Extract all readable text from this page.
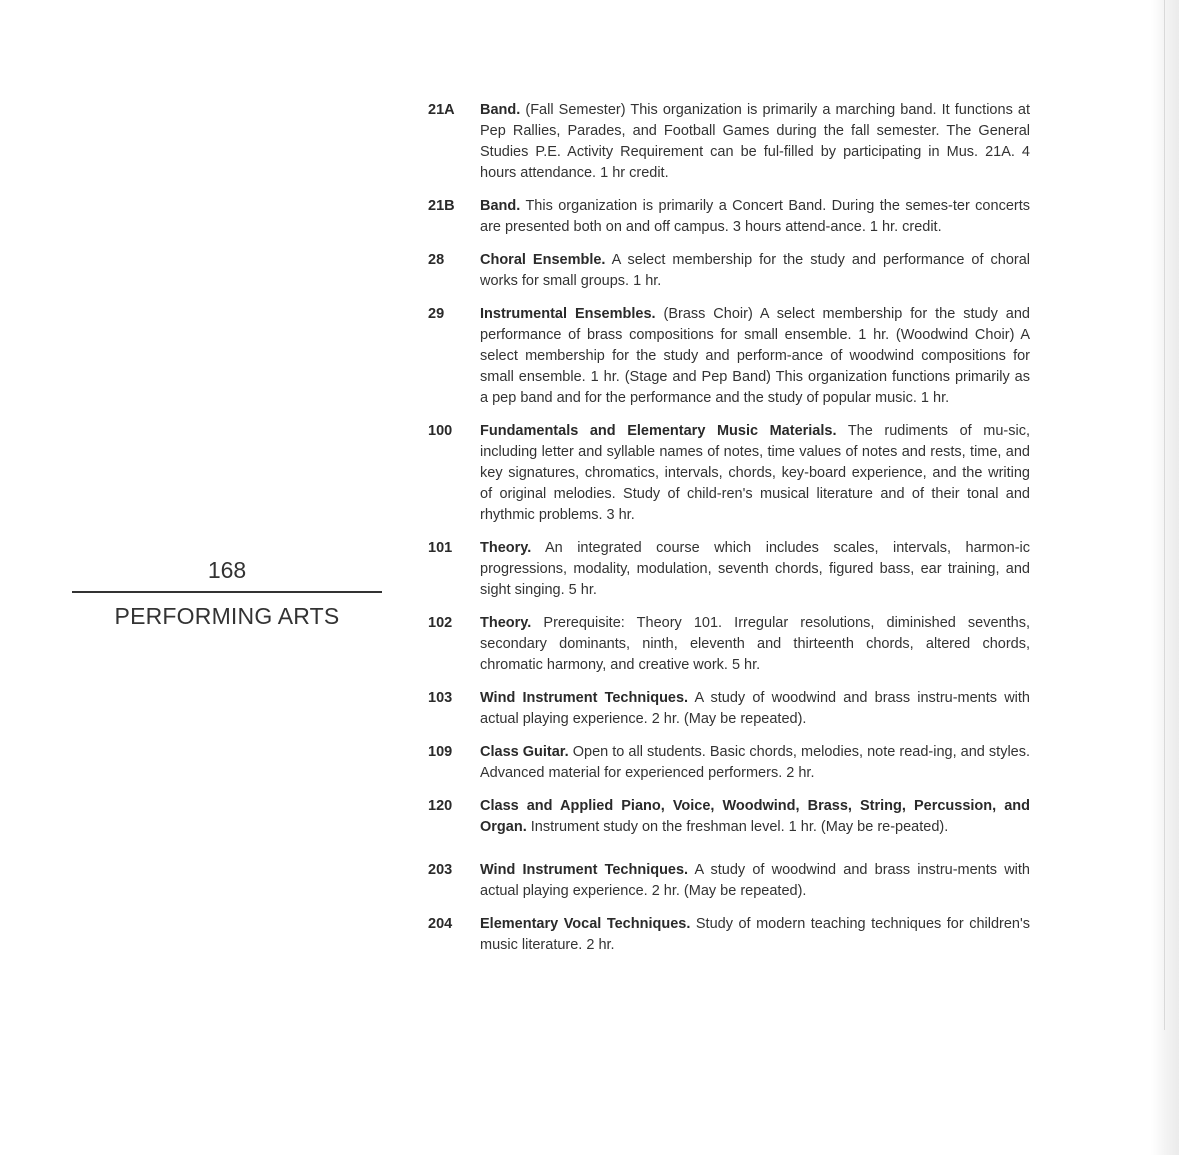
168
PERFORMING ARTS
21A	Band. (Fall Semester) This organization is primarily a marching band. It functions at Pep Rallies, Parades, and Football Games during the fall semester. The General Studies P.E. Activity Requirement can be ful-filled by participating in Mus. 21A. 4 hours attendance. 1 hr credit.
21B	Band. This organization is primarily a Concert Band. During the semes-ter concerts are presented both on and off campus. 3 hours attend-ance. 1 hr. credit.
28	Choral Ensemble. A select membership for the study and performance of choral works for small groups. 1 hr.
29	Instrumental Ensembles. (Brass Choir) A select membership for the study and performance of brass compositions for small ensemble. 1 hr. (Woodwind Choir) A select membership for the study and perform-ance of woodwind compositions for small ensemble. 1 hr. (Stage and Pep Band) This organization functions primarily as a pep band and for the performance and the study of popular music. 1 hr.
100	Fundamentals and Elementary Music Materials. The rudiments of mu-sic, including letter and syllable names of notes, time values of notes and rests, time, and key signatures, chromatics, intervals, chords, key-board experience, and the writing of original melodies. Study of child-ren's musical literature and of their tonal and rhythmic problems. 3 hr.
101	Theory. An integrated course which includes scales, intervals, harmon-ic progressions, modality, modulation, seventh chords, figured bass, ear training, and sight singing. 5 hr.
102	Theory. Prerequisite: Theory 101. Irregular resolutions, diminished sevenths, secondary dominants, ninth, eleventh and thirteenth chords, altered chords, chromatic harmony, and creative work. 5 hr.
103	Wind Instrument Techniques. A study of woodwind and brass instru-ments with actual playing experience. 2 hr. (May be repeated).
109	Class Guitar. Open to all students. Basic chords, melodies, note read-ing, and styles. Advanced material for experienced performers. 2 hr.
120	Class and Applied Piano, Voice, Woodwind, Brass, String, Percussion, and Organ. Instrument study on the freshman level. 1 hr. (May be re-peated).
203	Wind Instrument Techniques. A study of woodwind and brass instru-ments with actual playing experience. 2 hr. (May be repeated).
204	Elementary Vocal Techniques. Study of modern teaching techniques for children's music literature. 2 hr.
